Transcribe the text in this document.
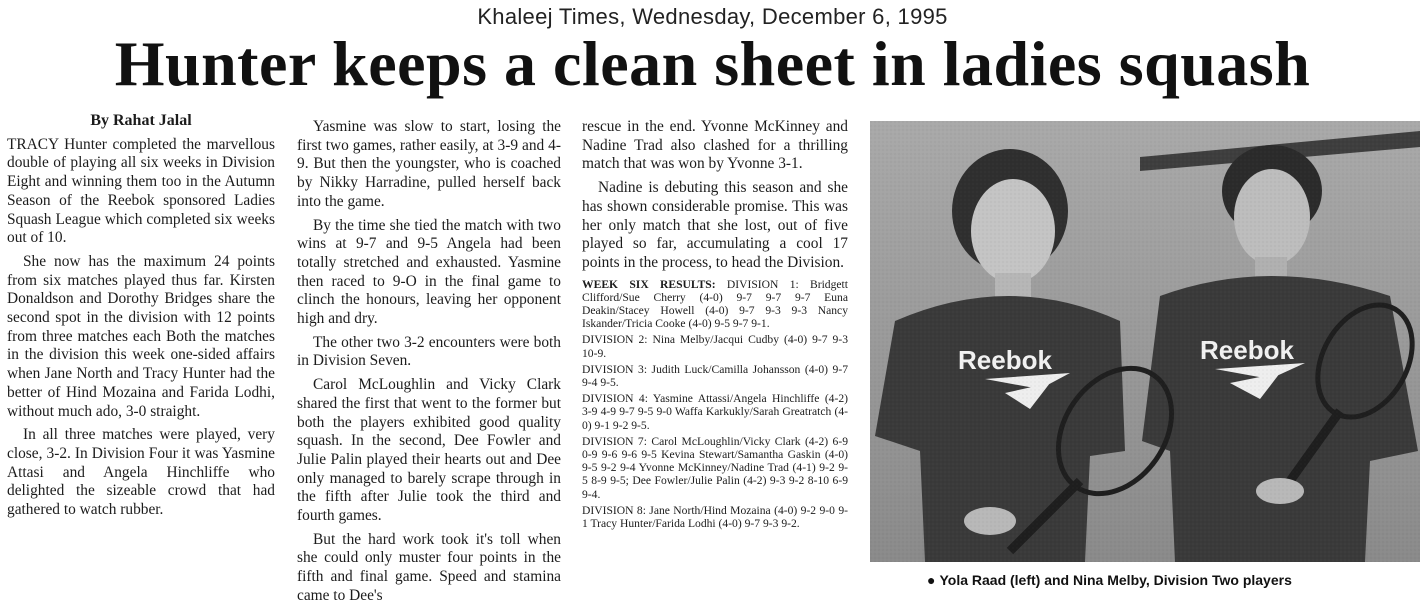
Khaleej Times, Wednesday, December 6, 1995
Hunter keeps a clean sheet in ladies squash

By Rahat Jalal

TRACY Hunter completed the marvellous double of playing all six weeks in Division Eight and winning them too in the Autumn Season of the Reebok sponsored Ladies Squash League which completed six weeks out of 10.

She now has the maximum 24 points from six matches played thus far. Kirsten Donaldson and Dorothy Bridges share the second spot in the division with 12 points from three matches each Both the matches in the division this week one-sided affairs when Jane North and Tracy Hunter had the better of Hind Mozaina and Farida Lodhi, without much ado, 3-0 straight.

In all three matches were played, very close, 3-2. In Division Four it was Yasmine Attasi and Angela Hinchliffe who delighted the sizeable crowd that had gathered to watch rubber.

Yasmine was slow to start, losing the first two games, rather easily, at 3-9 and 4-9. But then the youngster, who is coached by Nikky Harradine, pulled herself back into the game.

By the time she tied the match with two wins at 9-7 and 9-5 Angela had been totally stretched and exhausted. Yasmine then raced to 9-O in the final game to clinch the honours, leaving her opponent high and dry.

The other two 3-2 encounters were both in Division Seven.

Carol McLoughlin and Vicky Clark shared the first that went to the former but both the players exhibited good quality squash. In the second, Dee Fowler and Julie Palin played their hearts out and Dee only managed to barely scrape through in the fifth after Julie took the third and fourth games.

But the hard work took it's toll when she could only muster four points in the fifth and final game. Speed and stamina came to Dee's

rescue in the end. Yvonne McKinney and Nadine Trad also clashed for a thrilling match that was won by Yvonne 3-1.

Nadine is debuting this season and she has shown considerable promise. This was her only match that she lost, out of five played so far, accumulating a cool 17 points in the process, to head the Division.

WEEK SIX RESULTS: DIVISION 1: Bridgett Clifford/Sue Cherry (4-0) 9-7 9-7 9-7 Euna Deakin/Stacey Howell (4-0) 9-7 9-3 9-3 Nancy Iskander/Tricia Cooke (4-0) 9-5 9-7 9-1.

DIVISION 2: Nina Melby/Jacqui Cudby (4-0) 9-7 9-3 10-9.

DIVISION 3: Judith Luck/Camilla Johansson (4-0) 9-7 9-4 9-5.

DIVISION 4: Yasmine Attassi/Angela Hinchliffe (4-2) 3-9 4-9 9-7 9-5 9-0 Waffa Karkukly/Sarah Greatratch (4-0) 9-1 9-2 9-5.

DIVISION 7: Carol McLoughlin/Vicky Clark (4-2) 6-9 0-9 9-6 9-6 9-5 Kevina Stewart/Samantha Gaskin (4-0) 9-5 9-2 9-4 Yvonne McKinney/Nadine Trad (4-1) 9-2 9-5 8-9 9-5; Dee Fowler/Julie Palin (4-2) 9-3 9-2 8-10 6-9 9-4.

DIVISION 8: Jane North/Hind Mozaina (4-0) 9-2 9-0 9-1 Tracy Hunter/Farida Lodhi (4-0) 9-7 9-3 9-2.

● Yola Raad (left) and Nina Melby, Division Two players
